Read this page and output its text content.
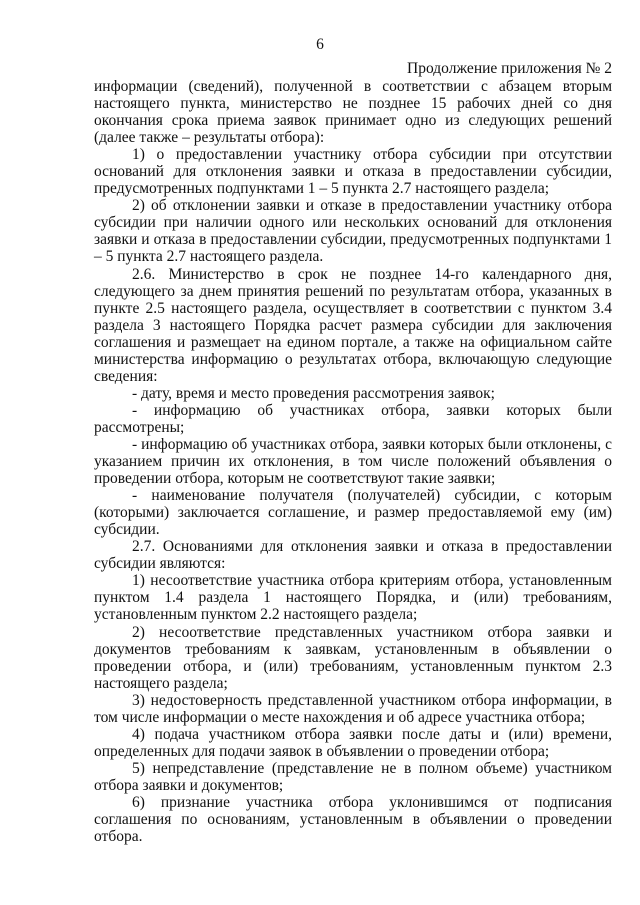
6
Продолжение приложения № 2

информации (сведений), полученной в соответствии с абзацем вторым настоящего пункта, министерство не позднее 15 рабочих дней со дня окончания срока приема заявок принимает одно из следующих решений (далее также – результаты отбора):

1) о предоставлении участнику отбора субсидии при отсутствии оснований для отклонения заявки и отказа в предоставлении субсидии, предусмотренных подпунктами 1 – 5 пункта 2.7 настоящего раздела;

2) об отклонении заявки и отказе в предоставлении участнику отбора субсидии при наличии одного или нескольких оснований для отклонения заявки и отказа в предоставлении субсидии, предусмотренных подпунктами 1 – 5 пункта 2.7 настоящего раздела.

2.6. Министерство в срок не позднее 14-го календарного дня, следующего за днем принятия решений по результатам отбора, указанных в пункте 2.5 настоящего раздела, осуществляет в соответствии с пунктом 3.4 раздела 3 настоящего Порядка расчет размера субсидии для заключения соглашения и размещает на едином портале, а также на официальном сайте министерства информацию о результатах отбора, включающую следующие сведения:

- дату, время и место проведения рассмотрения заявок;

- информацию об участниках отбора, заявки которых были рассмотрены;

- информацию об участниках отбора, заявки которых были отклонены, с указанием причин их отклонения, в том числе положений объявления о проведении отбора, которым не соответствуют такие заявки;

- наименование получателя (получателей) субсидии, с которым (которыми) заключается соглашение, и размер предоставляемой ему (им) субсидии.

2.7. Основаниями для отклонения заявки и отказа в предоставлении субсидии являются:

1) несоответствие участника отбора критериям отбора, установленным пунктом 1.4 раздела 1 настоящего Порядка, и (или) требованиям, установленным пунктом 2.2 настоящего раздела;

2) несоответствие представленных участником отбора заявки и документов требованиям к заявкам, установленным в объявлении о проведении отбора, и (или) требованиям, установленным пунктом 2.3 настоящего раздела;

3) недостоверность представленной участником отбора информации, в том числе информации о месте нахождения и об адресе участника отбора;

4) подача участником отбора заявки после даты и (или) времени, определенных для подачи заявок в объявлении о проведении отбора;

5) непредставление (представление не в полном объеме) участником отбора заявки и документов;

6) признание участника отбора уклонившимся от подписания соглашения по основаниям, установленным в объявлении о проведении отбора.
